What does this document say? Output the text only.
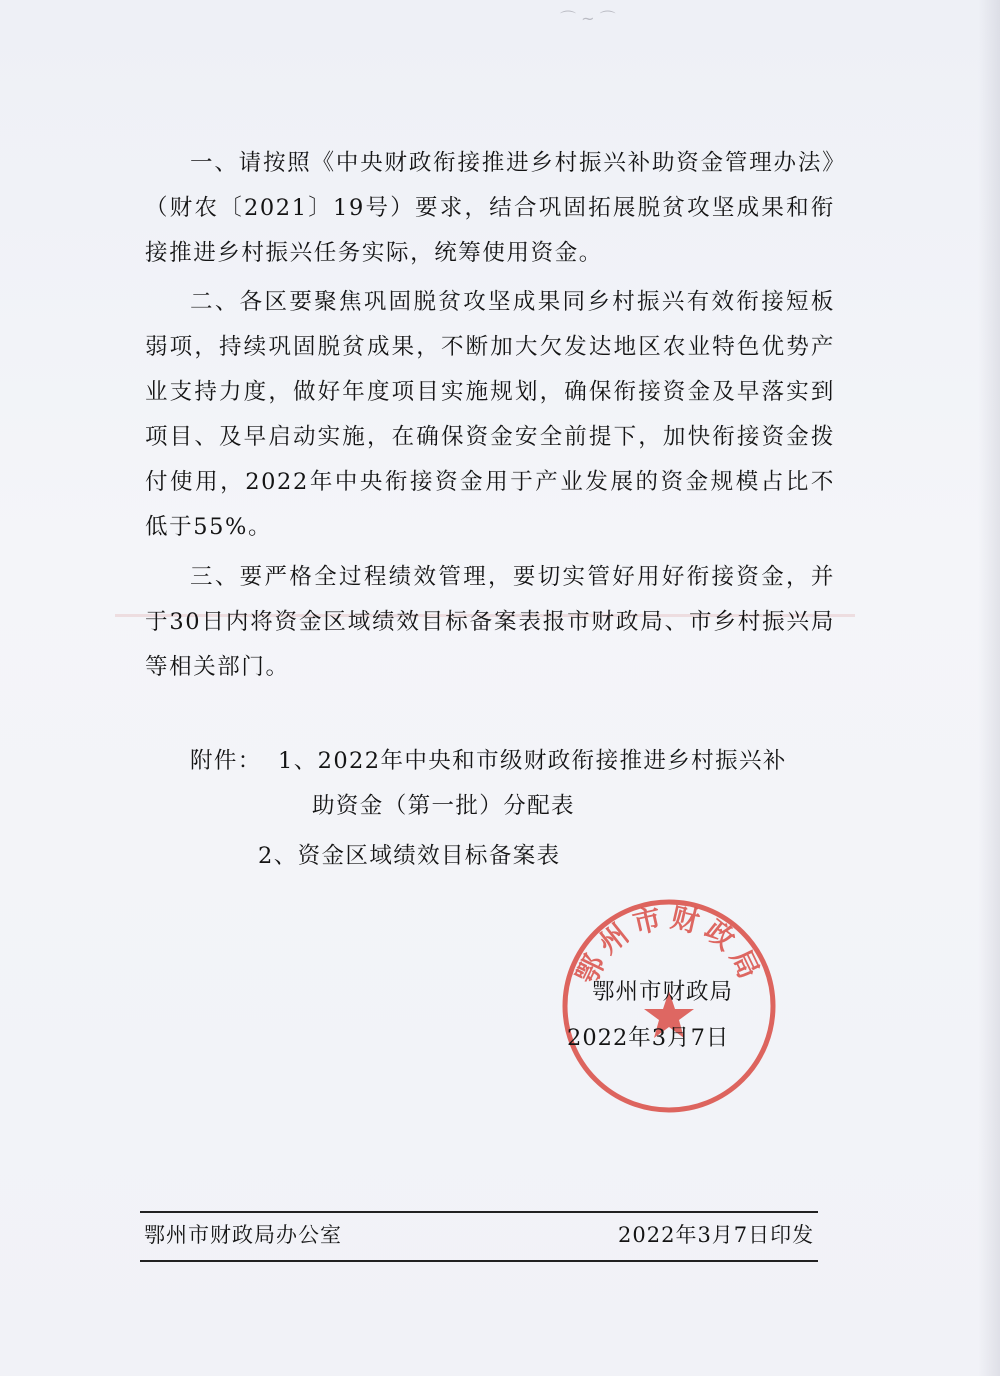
⌒ ~ ⌒
一、请按照《中央财政衔接推进乡村振兴补助资金管理办法》（财农〔2021〕19号）要求，结合巩固拓展脱贫攻坚成果和衔接推进乡村振兴任务实际，统筹使用资金。
二、各区要聚焦巩固脱贫攻坚成果同乡村振兴有效衔接短板弱项，持续巩固脱贫成果，不断加大欠发达地区农业特色优势产业支持力度，做好年度项目实施规划，确保衔接资金及早落实到项目、及早启动实施，在确保资金安全前提下，加快衔接资金拨付使用，2022年中央衔接资金用于产业发展的资金规模占比不低于55%。
三、要严格全过程绩效管理，要切实管好用好衔接资金，并于30日内将资金区域绩效目标备案表报市财政局、市乡村振兴局等相关部门。
附件： 1、2022年中央和市级财政衔接推进乡村振兴补
助资金（第一批）分配表
2、资金区域绩效目标备案表
鄂州市财政局
鄂州市财政局
2022年3月7日
鄂州市财政局办公室	2022年3月7日印发
